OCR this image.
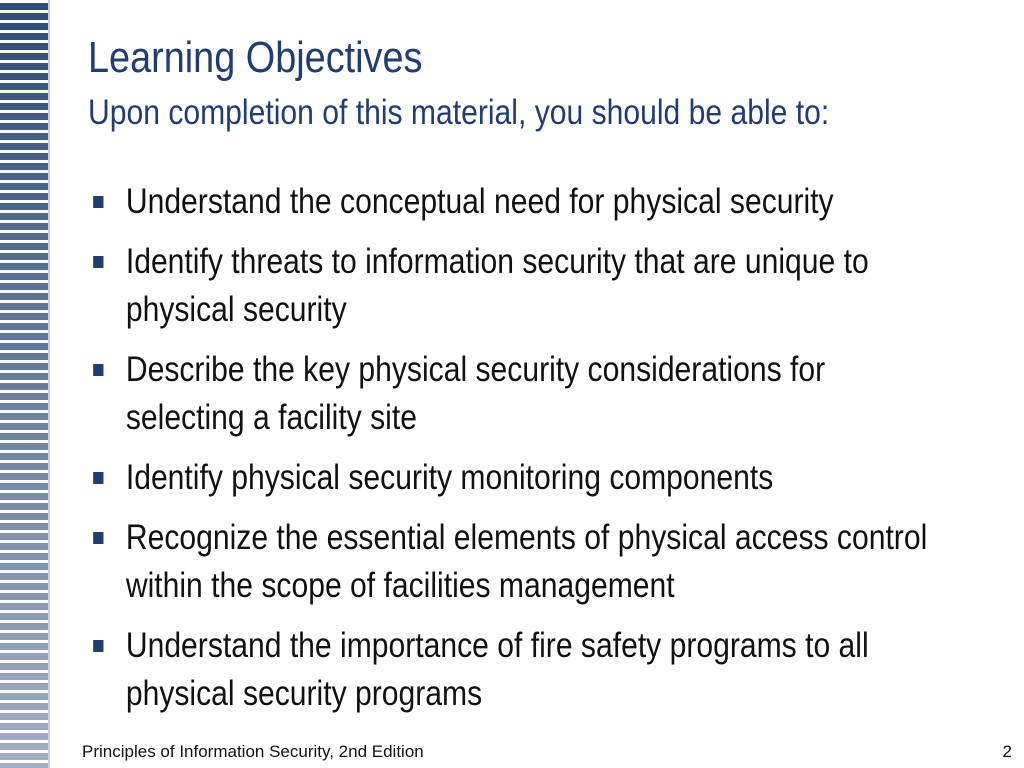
Learning Objectives
Upon completion of this material, you should be able to:
Understand the conceptual need for physical security
Identify threats to information security that are unique to physical security
Describe the key physical security considerations for selecting a facility site
Identify physical security monitoring components
Recognize the essential elements of physical access control within the scope of facilities management
Understand the importance of fire safety programs to all physical security programs
Principles of Information Security, 2nd Edition	2
